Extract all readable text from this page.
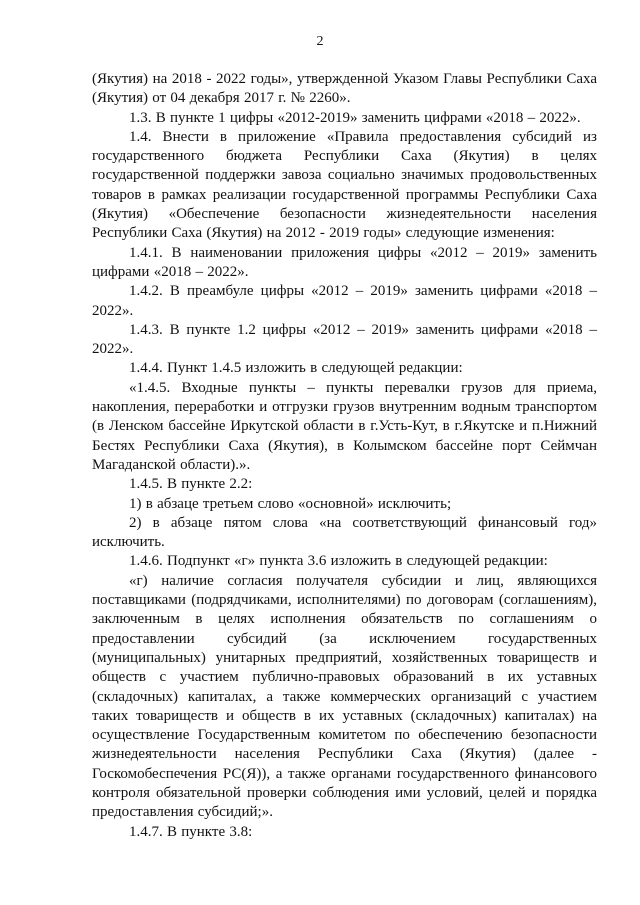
2

(Якутия) на 2018 - 2022 годы», утвержденной Указом Главы Республики Саха (Якутия) от 04 декабря 2017 г. № 2260».

1.3. В пункте 1 цифры «2012-2019» заменить цифрами «2018 – 2022».

1.4. Внести в приложение «Правила предоставления субсидий из государственного бюджета Республики Саха (Якутия) в целях государственной поддержки завоза социально значимых продовольственных товаров в рамках реализации государственной программы Республики Саха (Якутия) «Обеспечение безопасности жизнедеятельности населения Республики Саха (Якутия) на 2012 - 2019 годы» следующие изменения:

1.4.1. В наименовании приложения цифры «2012 – 2019» заменить цифрами «2018 – 2022».

1.4.2. В преамбуле цифры «2012 – 2019» заменить цифрами «2018 – 2022».

1.4.3. В пункте 1.2 цифры «2012 – 2019» заменить цифрами «2018 – 2022».

1.4.4. Пункт 1.4.5 изложить в следующей редакции:

«1.4.5. Входные пункты – пункты перевалки грузов для приема, накопления, переработки и отгрузки грузов внутренним водным транспортом (в Ленском бассейне Иркутской области в г.Усть-Кут, в г.Якутске и п.Нижний Бестях Республики Саха (Якутия), в Колымском бассейне порт Сеймчан Магаданской области).».

1.4.5. В пункте 2.2:

1) в абзаце третьем слово «основной» исключить;

2) в абзаце пятом слова «на соответствующий финансовый год» исключить.

1.4.6. Подпункт «г» пункта 3.6 изложить в следующей редакции:

«г) наличие согласия получателя субсидии и лиц, являющихся поставщиками (подрядчиками, исполнителями) по договорам (соглашениям), заключенным в целях исполнения обязательств по соглашениям о предоставлении субсидий (за исключением государственных (муниципальных) унитарных предприятий, хозяйственных товариществ и обществ с участием публично-правовых образований в их уставных (складочных) капиталах, а также коммерческих организаций с участием таких товариществ и обществ в их уставных (складочных) капиталах) на осуществление Государственным комитетом по обеспечению безопасности жизнедеятельности населения Республики Саха (Якутия) (далее - Госкомобеспечения РС(Я)), а также органами государственного финансового контроля обязательной проверки соблюдения ими условий, целей и порядка предоставления субсидий;».

1.4.7. В пункте 3.8:
